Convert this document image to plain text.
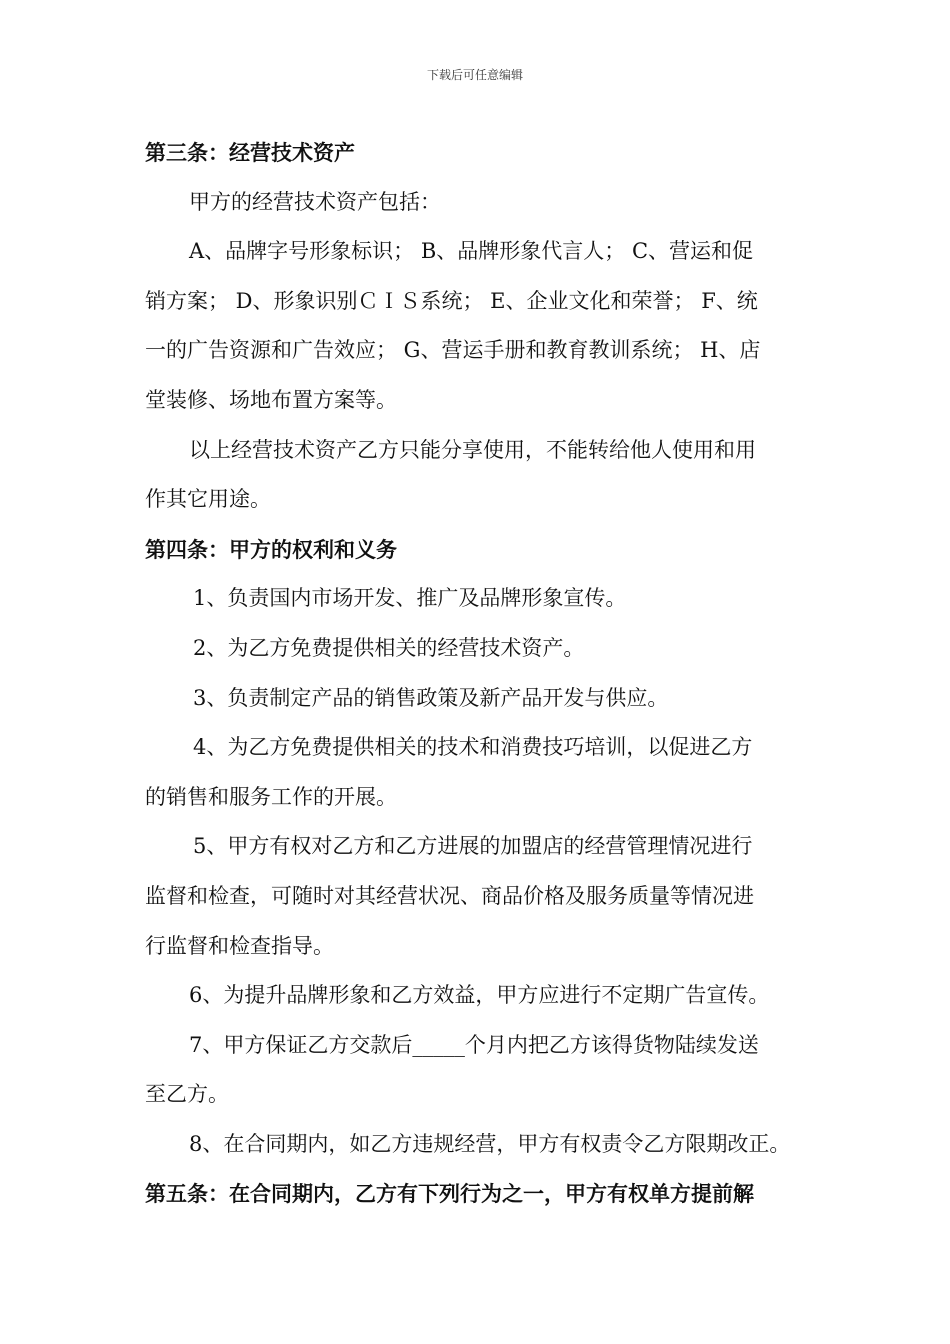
下载后可任意编辑
第三条：经营技术资产
甲方的经营技术资产包括：
A、品牌字号形象标识； B、品牌形象代言人； C、营运和促
销方案； D、形象识别ＣＩＳ系统； E、企业文化和荣誉； F、统
一的广告资源和广告效应； G、营运手册和教育教训系统； H、店
堂装修、场地布置方案等。
以上经营技术资产乙方只能分享使用，不能转给他人使用和用
作其它用途。
第四条：甲方的权利和义务
1、负责国内市场开发、推广及品牌形象宣传。
2、为乙方免费提供相关的经营技术资产。
3、负责制定产品的销售政策及新产品开发与供应。
4、为乙方免费提供相关的技术和消费技巧培训，以促进乙方
的销售和服务工作的开展。
5、甲方有权对乙方和乙方进展的加盟店的经营管理情况进行
监督和检查，可随时对其经营状况、商品价格及服务质量等情况进
行监督和检查指导。
6、为提升品牌形象和乙方效益，甲方应进行不定期广告宣传。
7、甲方保证乙方交款后_____个月内把乙方该得货物陆续发送
至乙方。
8、在合同期内，如乙方违规经营，甲方有权责令乙方限期改正。
第五条：在合同期内，乙方有下列行为之一，甲方有权单方提前解
